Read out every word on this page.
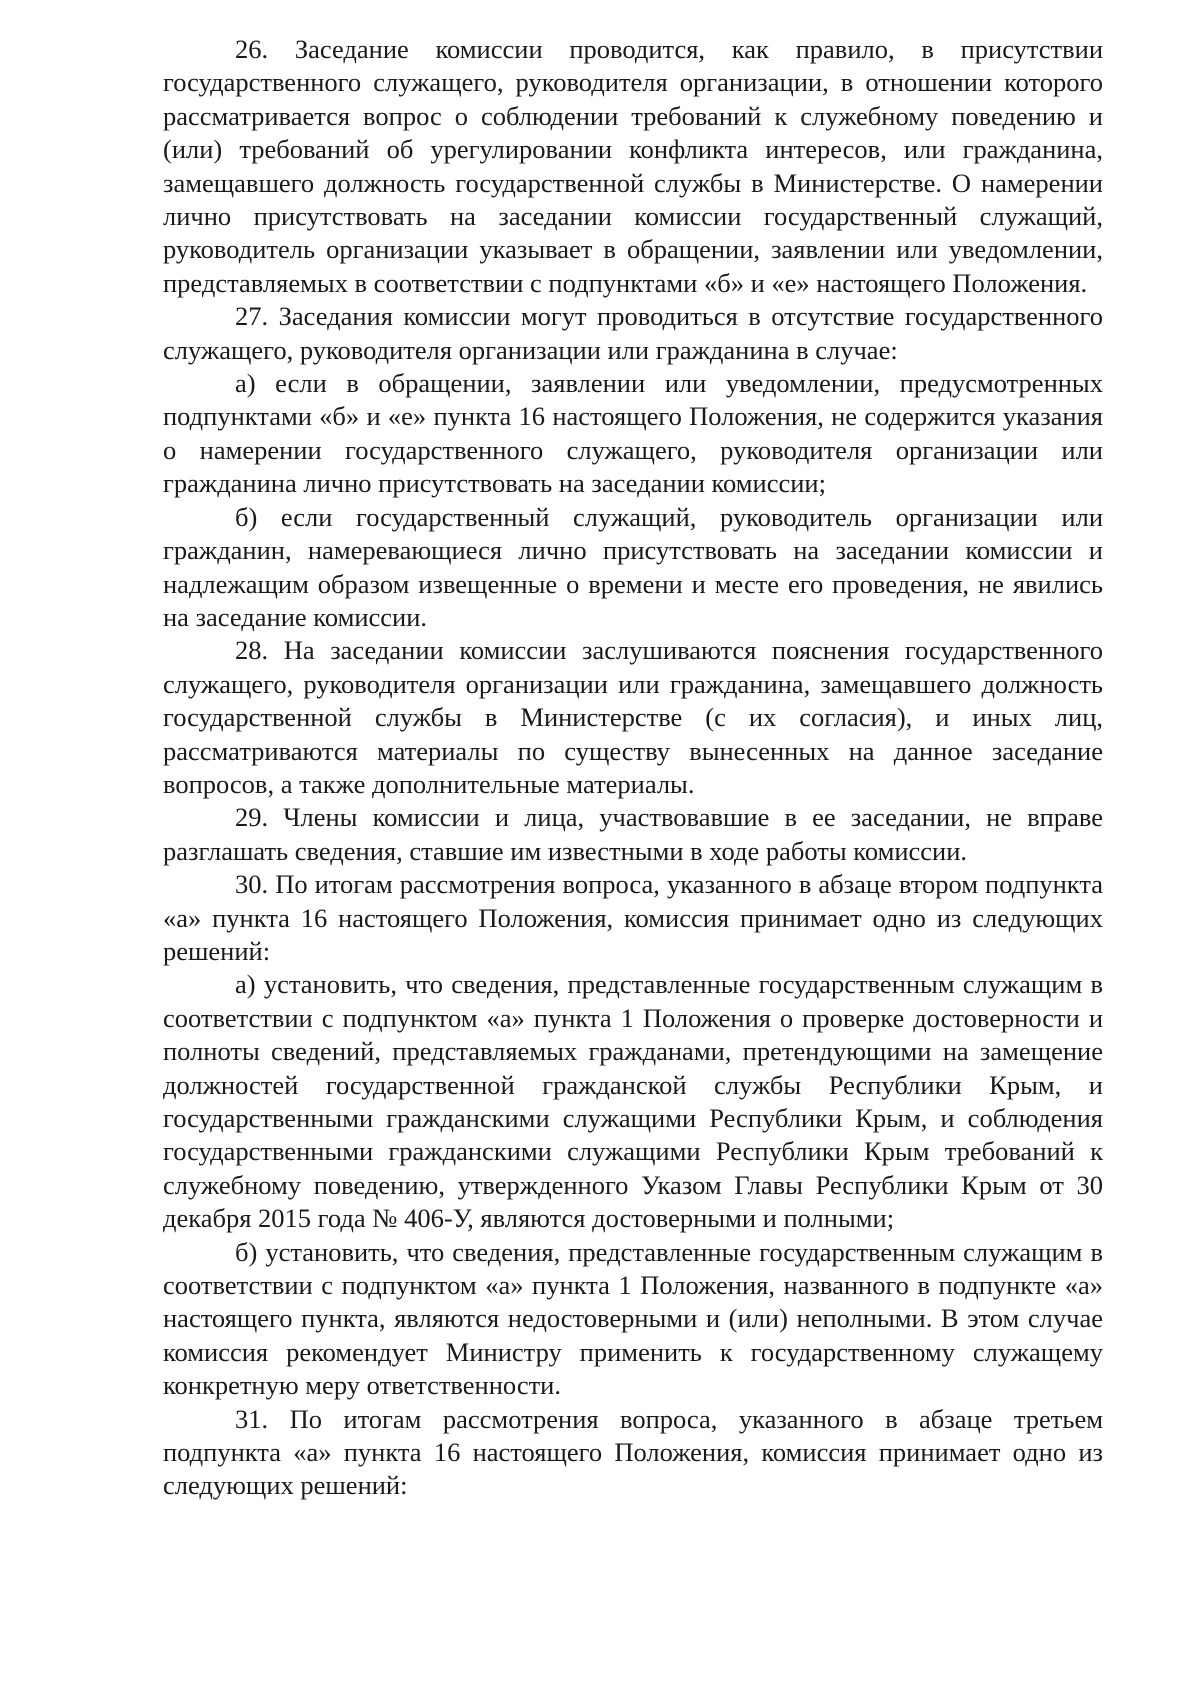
26. Заседание комиссии проводится, как правило, в присутствии государственного служащего, руководителя организации, в отношении которого рассматривается вопрос о соблюдении требований к служебному поведению и (или) требований об урегулировании конфликта интересов, или гражданина, замещавшего должность государственной службы в Министерстве. О намерении лично присутствовать на заседании комиссии государственный служащий, руководитель организации указывает в обращении, заявлении или уведомлении, представляемых в соответствии с подпунктами «б» и «е» настоящего Положения.

27. Заседания комиссии могут проводиться в отсутствие государственного служащего, руководителя организации или гражданина в случае:

а) если в обращении, заявлении или уведомлении, предусмотренных подпунктами «б» и «е» пункта 16 настоящего Положения, не содержится указания о намерении государственного служащего, руководителя организации или гражданина лично присутствовать на заседании комиссии;

б) если государственный служащий, руководитель организации или гражданин, намеревающиеся лично присутствовать на заседании комиссии и надлежащим образом извещенные о времени и месте его проведения, не явились на заседание комиссии.

28. На заседании комиссии заслушиваются пояснения государственного служащего, руководителя организации или гражданина, замещавшего должность государственной службы в Министерстве (с их согласия), и иных лиц, рассматриваются материалы по существу вынесенных на данное заседание вопросов, а также дополнительные материалы.

29. Члены комиссии и лица, участвовавшие в ее заседании, не вправе разглашать сведения, ставшие им известными в ходе работы комиссии.

30. По итогам рассмотрения вопроса, указанного в абзаце втором подпункта «а» пункта 16 настоящего Положения, комиссия принимает одно из следующих решений:

а) установить, что сведения, представленные государственным служащим в соответствии с подпунктом «а» пункта 1 Положения о проверке достоверности и полноты сведений, представляемых гражданами, претендующими на замещение должностей государственной гражданской службы Республики Крым, и государственными гражданскими служащими Республики Крым, и соблюдения государственными гражданскими служащими Республики Крым требований к служебному поведению, утвержденного Указом Главы Республики Крым от 30 декабря 2015 года № 406-У, являются достоверными и полными;

б) установить, что сведения, представленные государственным служащим в соответствии с подпунктом «а» пункта 1 Положения, названного в подпункте «а» настоящего пункта, являются недостоверными и (или) неполными. В этом случае комиссия рекомендует Министру применить к государственному служащему конкретную меру ответственности.

31. По итогам рассмотрения вопроса, указанного в абзаце третьем подпункта «а» пункта 16 настоящего Положения, комиссия принимает одно из следующих решений:
